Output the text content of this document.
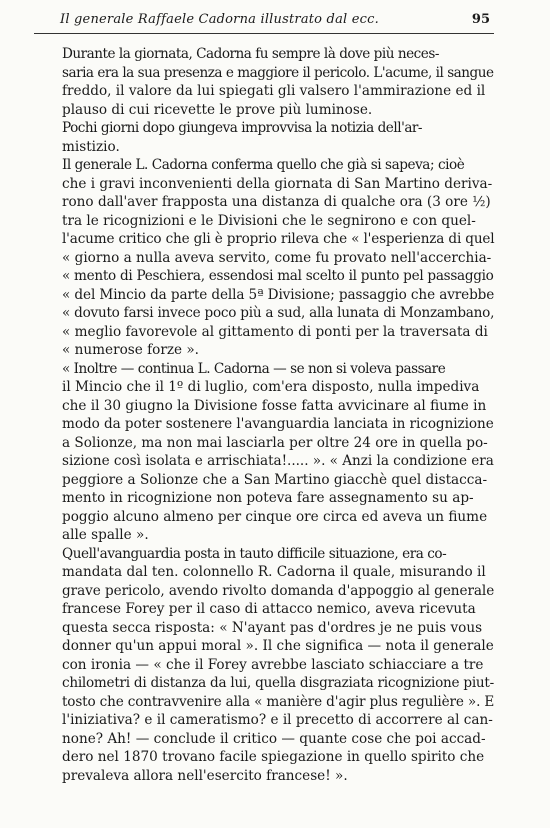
Il generale Raffaele Cadorna illustrato dal ecc.	95

Durante la giornata, Cadorna fu sempre là dove più neces-
saria era la sua presenza e maggiore il pericolo. L'acume, il sangue
freddo, il valore da lui spiegati gli valsero l'ammirazione ed il
plauso di cui ricevette le prove più luminose.

Pochi giorni dopo giungeva improvvisa la notizia dell'ar-
mistizio.

Il generale L. Cadorna conferma quello che già si sapeva; cioè
che i gravi inconvenienti della giornata di San Martino deriva-
rono dall'aver frapposta una distanza di qualche ora (3 ore ½)
tra le ricognizioni e le Divisioni che le segnirono e con quel-
l'acume critico che gli è proprio rileva che « l'esperienza di quel
« giorno a nulla aveva servito, come fu provato nell'accerchia-
« mento di Peschiera, essendosi mal scelto il punto pel passaggio
« del Mincio da parte della 5ª Divisione; passaggio che avrebbe
« dovuto farsi invece poco più a sud, alla lunata di Monzambano,
« meglio favorevole al gittamento di ponti per la traversata di
« numerose forze ».

« Inoltre — continua L. Cadorna — se non si voleva passare
il Mincio che il 1º di luglio, com'era disposto, nulla impediva
che il 30 giugno la Divisione fosse fatta avvicinare al fiume in
modo da poter sostenere l'avanguardia lanciata in ricognizione
a Solionze, ma non mai lasciarla per oltre 24 ore in quella po-
sizione così isolata e arrischiata!..... ». « Anzi la condizione era
peggiore a Solionze che a San Martino giacchè quel distacca-
mento in ricognizione non poteva fare assegnamento su ap-
poggio alcuno almeno per cinque ore circa ed aveva un fiume
alle spalle ».

Quell'avanguardia posta in tauto difficile situazione, era co-
mandata dal ten. colonnello R. Cadorna il quale, misurando il
grave pericolo, avendo rivolto domanda d'appoggio al generale
francese Forey per il caso di attacco nemico, aveva ricevuta
questa secca risposta: « N'ayant pas d'ordres je ne puis vous
donner qu'un appui moral ». Il che significa — nota il generale
con ironia — « che il Forey avrebbe lasciato schiacciare a tre
chilometri di distanza da lui, quella disgraziata ricognizione piut-
tosto che contravvenire alla « manière d'agir plus regulière ». E
l'iniziativa? e il cameratismo? e il precetto di accorrere al can-
none? Ah! — conclude il critico — quante cose che poi accad-
dero nel 1870 trovano facile spiegazione in quello spirito che
prevaleva allora nell'esercito francese! ».
